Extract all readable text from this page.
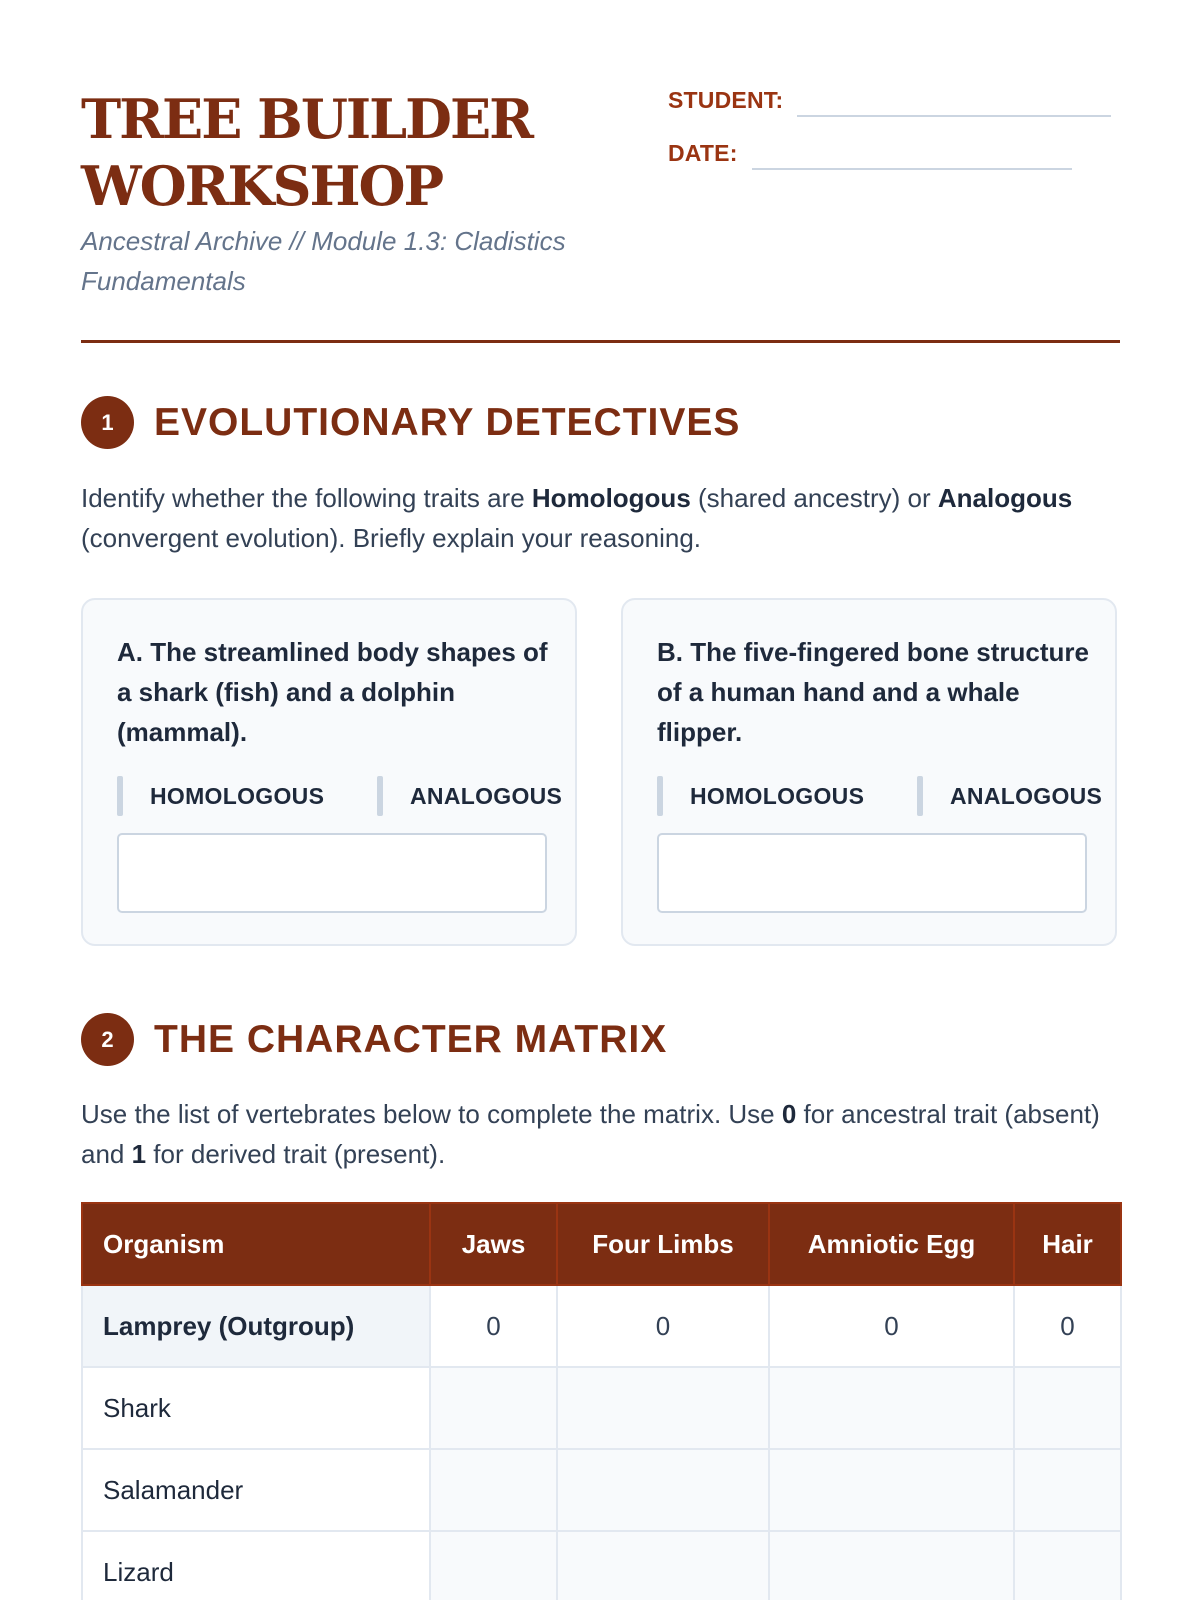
TREE BUILDER
WORKSHOP
Ancestral Archive // Module 1.3: Cladistics Fundamentals
STUDENT:
DATE:
1	EVOLUTIONARY DETECTIVES
Identify whether the following traits are Homologous (shared ancestry) or Analogous (convergent evolution). Briefly explain your reasoning.
A. The streamlined body shapes of a shark (fish) and a dolphin (mammal).
HOMOLOGOUS	ANALOGOUS
B. The five-fingered bone structure of a human hand and a whale flipper.
HOMOLOGOUS	ANALOGOUS
2	THE CHARACTER MATRIX
Use the list of vertebrates below to complete the matrix. Use 0 for ancestral trait (absent) and 1 for derived trait (present).
Organism	Jaws	Four Limbs	Amniotic Egg	Hair
Lamprey (Outgroup)	0	0	0	0
Shark				
Salamander				
Lizard				
